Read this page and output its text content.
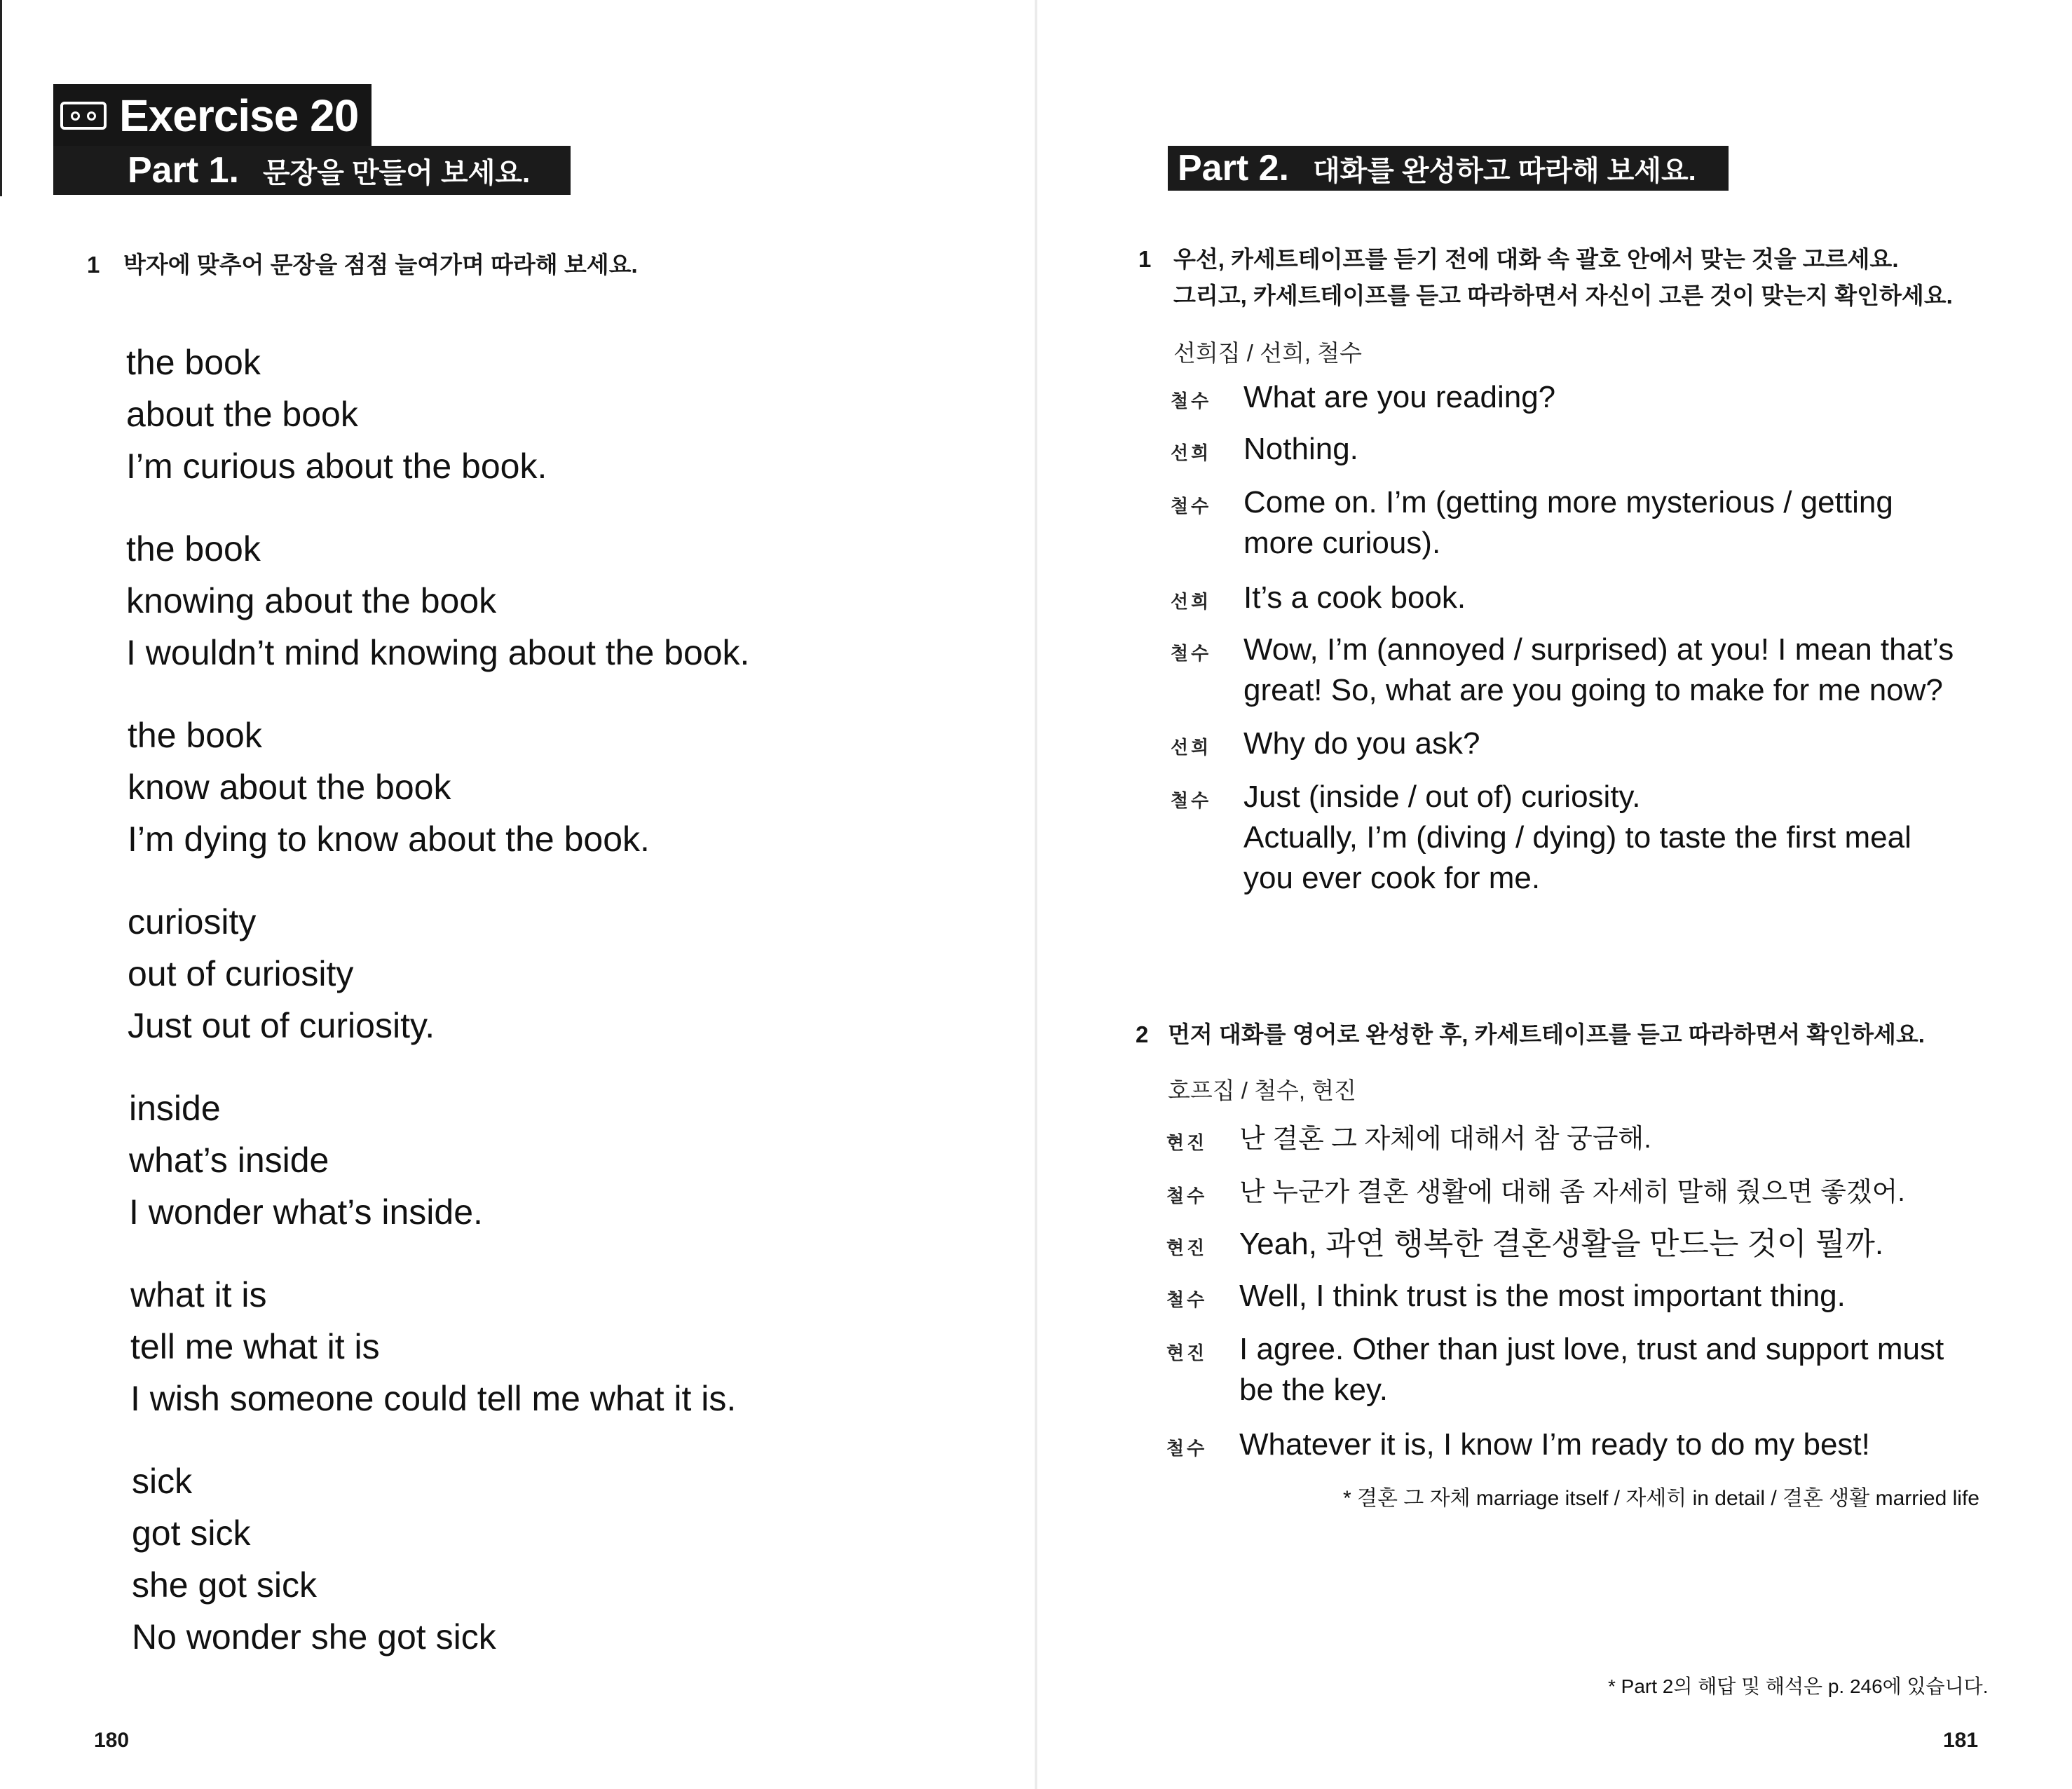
Exercise 20
Part 1. 문장을 만들어 보세요.
1 박자에 맞추어 문장을 점점 늘여가며 따라해 보세요.
the book
about the book
I’m curious about the book.
the book
knowing about the book
I wouldn’t mind knowing about the book.
the book
know about the book
I’m dying to know about the book.
curiosity
out of curiosity
Just out of curiosity.
inside
what’s inside
I wonder what’s inside.
what it is
tell me what it is
I wish someone could tell me what it is.
sick
got sick
she got sick
No wonder she got sick
180
Part 2. 대화를 완성하고 따라해 보세요.
1 우선, 카세트테이프를 듣기 전에 대화 속 괄호 안에서 맞는 것을 고르세요.
그리고, 카세트테이프를 듣고 따라하면서 자신이 고른 것이 맞는지 확인하세요.
선희집 / 선희, 철수
철수 What are you reading?
선희 Nothing.
철수 Come on. I’m (getting more mysterious / getting
more curious).
선희 It’s a cook book.
철수 Wow, I’m (annoyed / surprised) at you! I mean that’s
great! So, what are you going to make for me now?
선희 Why do you ask?
철수 Just (inside / out of) curiosity.
Actually, I’m (diving / dying) to taste the first meal
you ever cook for me.
2 먼저 대화를 영어로 완성한 후, 카세트테이프를 듣고 따라하면서 확인하세요.
호프집 / 철수, 현진
현진 난 결혼 그 자체에 대해서 참 궁금해.
철수 난 누군가 결혼 생활에 대해 좀 자세히 말해 줬으면 좋겠어.
현진 Yeah, 과연 행복한 결혼생활을 만드는 것이 뭘까.
철수 Well, I think trust is the most important thing.
현진 I agree. Other than just love, trust and support must
be the key.
철수 Whatever it is, I know I’m ready to do my best!
* 결혼 그 자체 marriage itself / 자세히 in detail / 결혼 생활 married life
* Part 2의 해답 및 해석은 p. 246에 있습니다.
181
